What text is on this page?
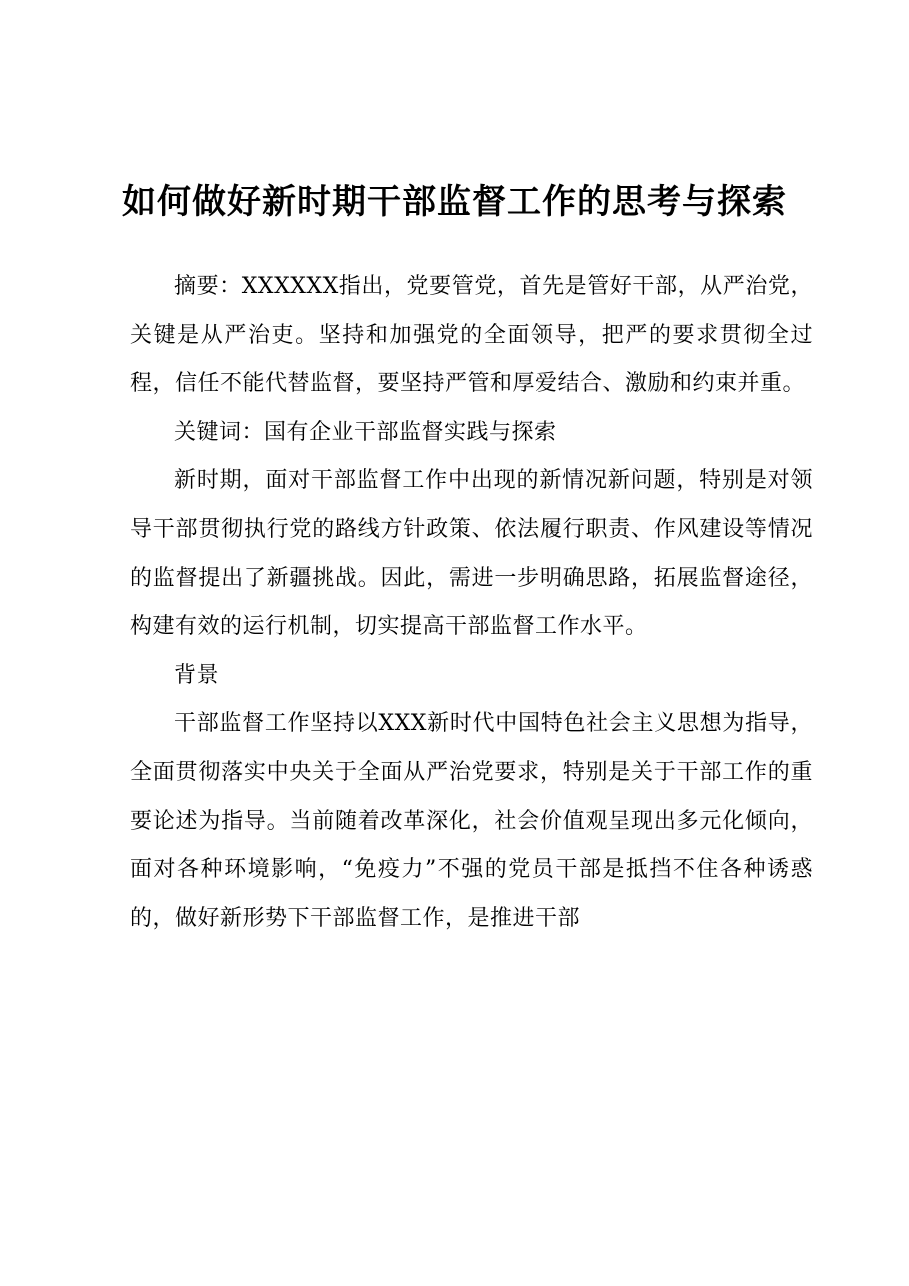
如何做好新时期干部监督工作的思考与探索

摘要：XXXXXX指出，党要管党，首先是管好干部，从严治党，关键是从严治吏。坚持和加强党的全面领导，把严的要求贯彻全过程，信任不能代替监督，要坚持严管和厚爱结合、激励和约束并重。

关键词：国有企业干部监督实践与探索

新时期，面对干部监督工作中出现的新情况新问题，特别是对领导干部贯彻执行党的路线方针政策、依法履行职责、作风建设等情况的监督提出了新疆挑战。因此，需进一步明确思路，拓展监督途径，构建有效的运行机制，切实提高干部监督工作水平。

背景

干部监督工作坚持以XXX新时代中国特色社会主义思想为指导，全面贯彻落实中央关于全面从严治党要求，特别是关于干部工作的重要论述为指导。当前随着改革深化，社会价值观呈现出多元化倾向，面对各种环境影响，“免疫力”不强的党员干部是抵挡不住各种诱惑的，做好新形势下干部监督工作，是推进干部
